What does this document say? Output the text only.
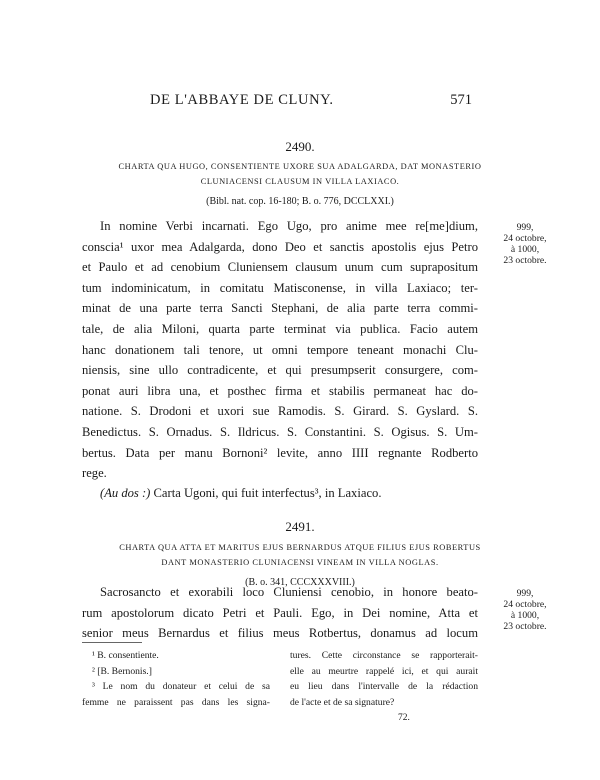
DE L'ABBAYE DE CLUNY.	571
2490.
CHARTA QUA HUGO, CONSENTIENTE UXORE SUA ADALGARDA, DAT MONASTERIO
CLUNIACENSI CLAUSUM IN VILLA LAXIACO.
(Bibl. nat. cop. 16-180; B. o. 776, DCCLXXI.)
999,
24 octobre,
à 1000,
23 octobre.
In nomine Verbi incarnati. Ego Ugo, pro anime mee re[me]dium,
conscia¹ uxor mea Adalgarda, dono Deo et sanctis apostolis ejus Petro
et Paulo et ad cenobium Cluniensem clausum unum cum suprapositum
tum indominicatum, in comitatu Matisconense, in villa Laxiaco; ter-
minat de una parte terra Sancti Stephani, de alia parte terra commi-
tale, de alia Miloni, quarta parte terminat via publica. Facio autem
hanc donationem tali tenore, ut omni tempore teneant monachi Clu-
niensis, sine ullo contradicente, et qui presumpserit consurgere, com-
ponat auri libra una, et posthec firma et stabilis permaneat hac do-
natione. S. Drodoni et uxori sue Ramodis. S. Girard. S. Gyslard. S.
Benedictus. S. Ornadus. S. Ildricus. S. Constantini. S. Ogisus. S. Um-
bertus. Data per manu Bornoni² levite, anno IIII regnante Rodberto
rege.
(Au dos :) Carta Ugoni, qui fuit interfectus³, in Laxiaco.
2491.
CHARTA QUA ATTA ET MARITUS EJUS BERNARDUS ATQUE FILIUS EJUS ROBERTUS
DANT MONASTERIO CLUNIACENSI VINEAM IN VILLA NOGLAS.
(B. o. 341, CCCXXXVIII.)
999,
24 octobre,
à 1000,
23 octobre.
Sacrosancto et exorabili loco Cluniensi cenobio, in honore beato-
rum apostolorum dicato Petri et Pauli. Ego, in Dei nomine, Atta et
senior meus Bernardus et filius meus Rotbertus, donamus ad locum
¹ B. consentiente.
² [B. Bernonis.]
³ Le nom du donateur et celui de sa
femme ne paraissent pas dans les signa-
tures. Cette circonstance se rapporterait-
elle au meurtre rappelé ici, et qui aurait
eu lieu dans l'intervalle de la rédaction
de l'acte et de sa signature?
72.
